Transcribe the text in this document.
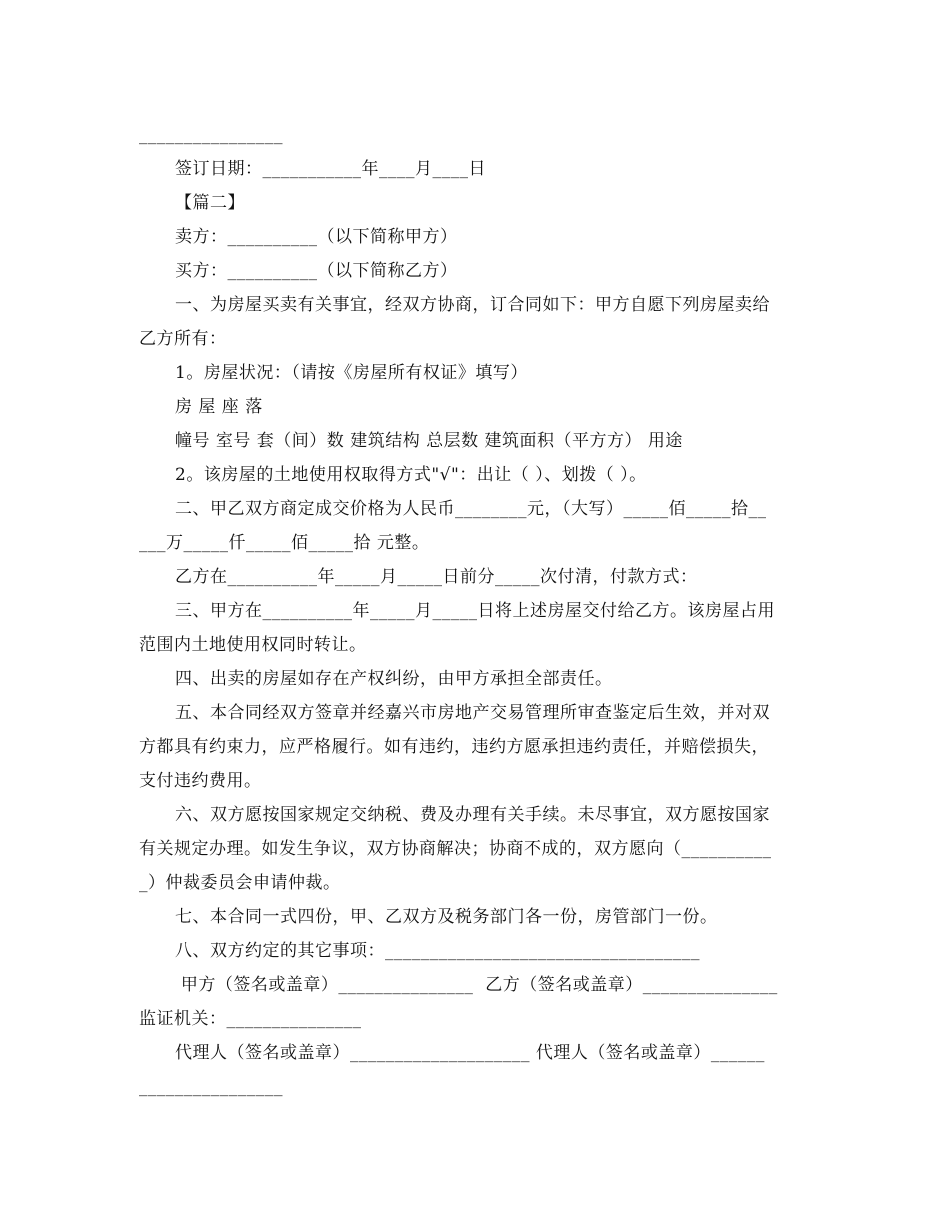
________________
签订日期：___________年____月____日
【篇二】
卖方：__________（以下简称甲方）
买方：__________（以下简称乙方）
一、为房屋买卖有关事宜，经双方协商，订合同如下：甲方自愿下列房屋卖给
乙方所有：
1。房屋状况：（请按《房屋所有权证》填写）
房 屋 座 落
幢号 室号 套（间）数 建筑结构 总层数 建筑面积（平方方） 用途
2。该房屋的土地使用权取得方式"√"：出让（ ）、划拨（ ）。
二、甲乙双方商定成交价格为人民币________元，（大写）_____佰_____拾__
___万_____仟_____佰_____拾 元整。
乙方在__________年_____月_____日前分_____次付清，付款方式：
三、甲方在__________年_____月_____日将上述房屋交付给乙方。该房屋占用
范围内土地使用权同时转让。
四、出卖的房屋如存在产权纠纷，由甲方承担全部责任。
五、本合同经双方签章并经嘉兴市房地产交易管理所审查鉴定后生效，并对双
方都具有约束力，应严格履行。如有违约，违约方愿承担违约责任，并赔偿损失，
支付违约费用。
六、双方愿按国家规定交纳税、费及办理有关手续。未尽事宜，双方愿按国家
有关规定办理。如发生争议，双方协商解决；协商不成的，双方愿向（__________
_）仲裁委员会申请仲裁。
七、本合同一式四份，甲、乙双方及税务部门各一份，房管部门一份。
八、双方约定的其它事项：___________________________________
甲方（签名或盖章）_______________  乙方（签名或盖章）_______________
监证机关：_______________
代理人（签名或盖章）____________________ 代理人（签名或盖章）______
________________
